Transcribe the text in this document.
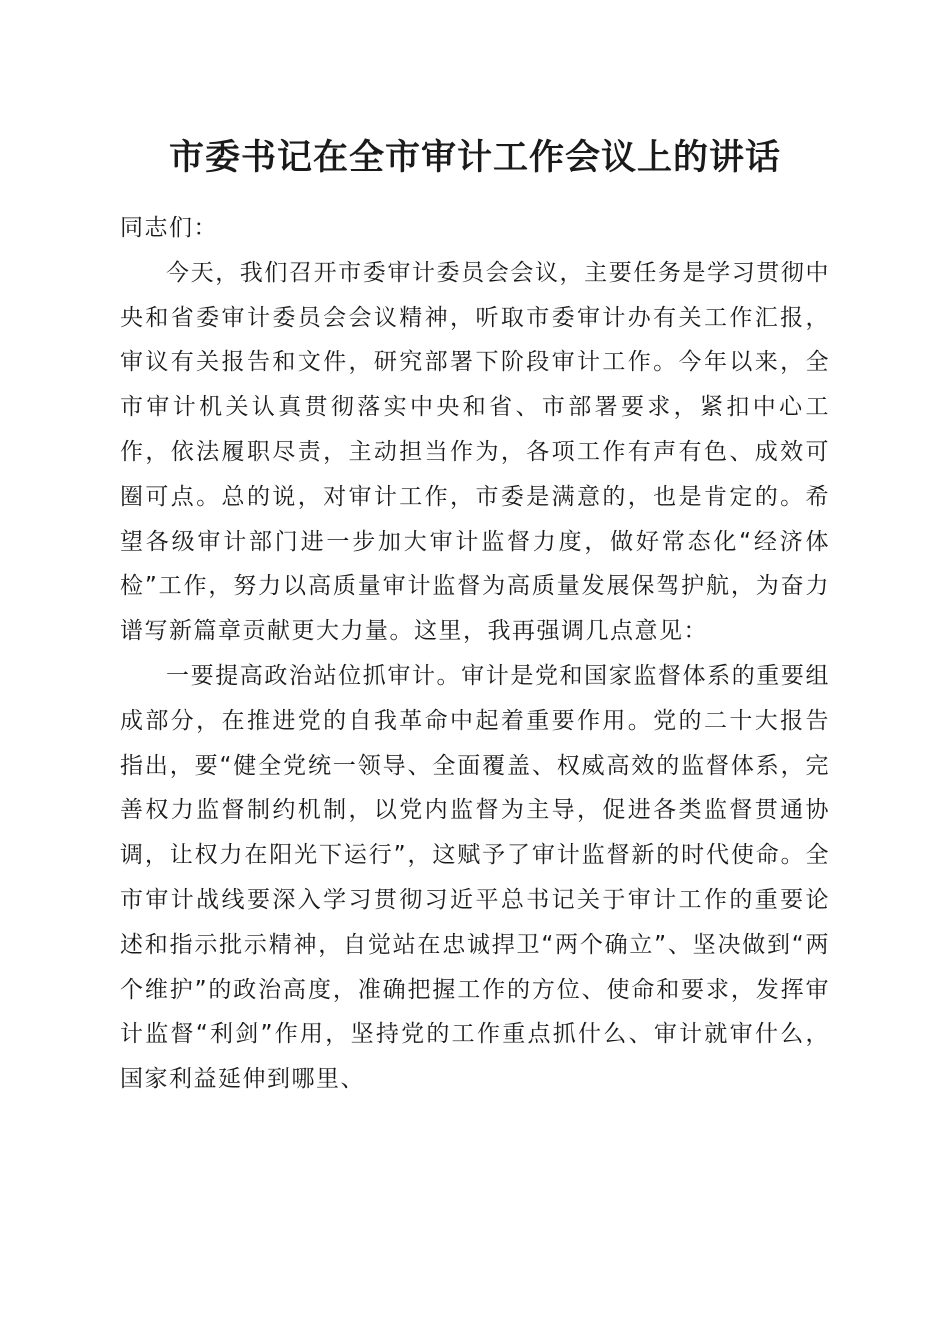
市委书记在全市审计工作会议上的讲话

同志们：

今天，我们召开市委审计委员会会议，主要任务是学习贯彻中央和省委审计委员会会议精神，听取市委审计办有关工作汇报，审议有关报告和文件，研究部署下阶段审计工作。今年以来，全市审计机关认真贯彻落实中央和省、市部署要求，紧扣中心工作，依法履职尽责，主动担当作为，各项工作有声有色、成效可圈可点。总的说，对审计工作，市委是满意的，也是肯定的。希望各级审计部门进一步加大审计监督力度，做好常态化“经济体检”工作，努力以高质量审计监督为高质量发展保驾护航，为奋力谱写新篇章贡献更大力量。这里，我再强调几点意见：

一要提高政治站位抓审计。审计是党和国家监督体系的重要组成部分，在推进党的自我革命中起着重要作用。党的二十大报告指出，要“健全党统一领导、全面覆盖、权威高效的监督体系，完善权力监督制约机制，以党内监督为主导，促进各类监督贯通协调，让权力在阳光下运行”，这赋予了审计监督新的时代使命。全市审计战线要深入学习贯彻习近平总书记关于审计工作的重要论述和指示批示精神，自觉站在忠诚捍卫“两个确立”、坚决做到“两个维护”的政治高度，准确把握工作的方位、使命和要求，发挥审计监督“利剑”作用，坚持党的工作重点抓什么、审计就审什么，国家利益延伸到哪里、
